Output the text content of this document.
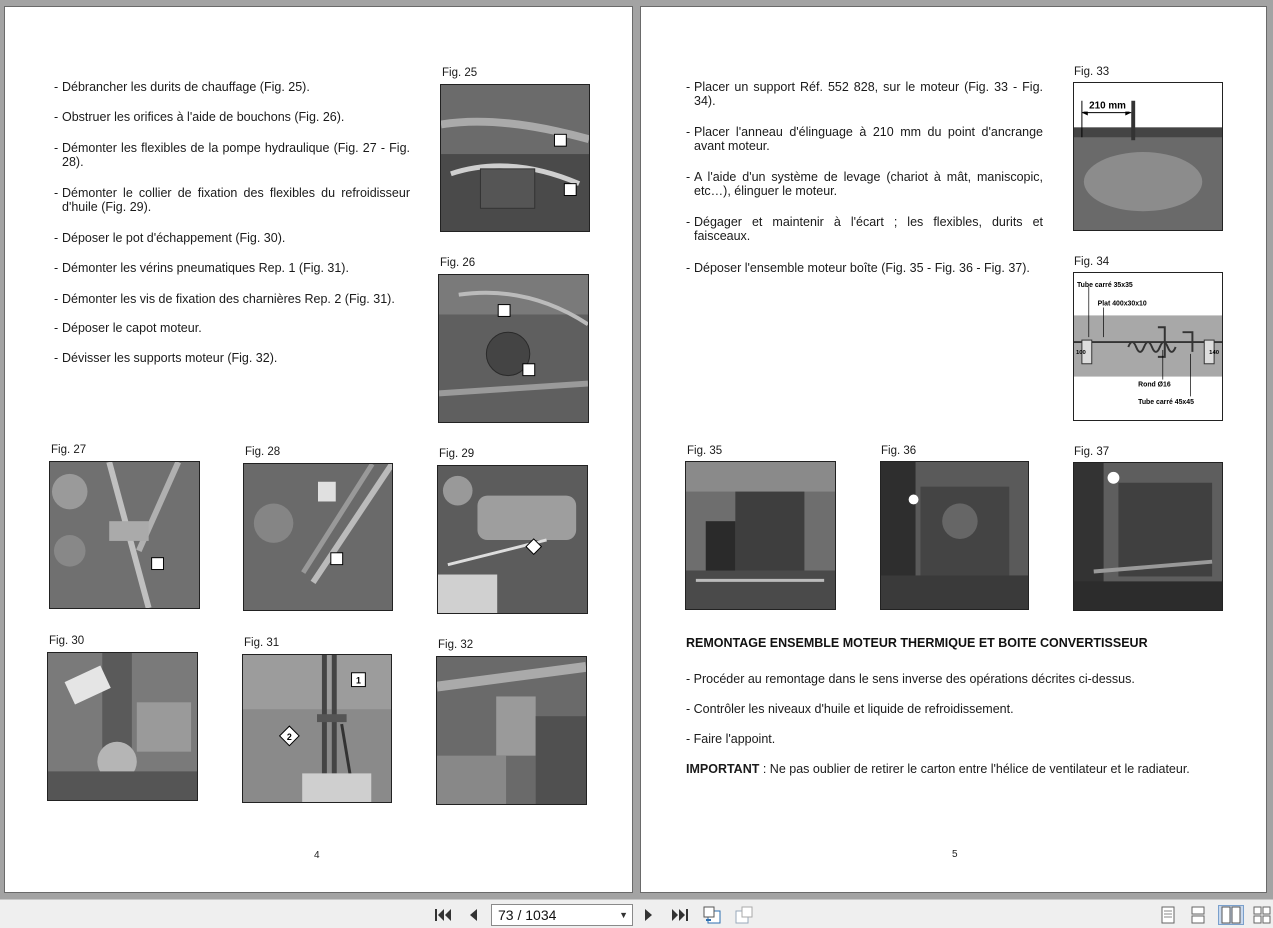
- Débrancher les durits de chauffage (Fig. 25).
- Obstruer les orifices à l'aide de bouchons (Fig. 26).
- Démonter les flexibles de la pompe hydraulique (Fig. 27 - Fig. 28).
- Démonter le collier de fixation des flexibles du refroidisseur d'huile (Fig. 29).
- Déposer le pot d'échappement (Fig. 30).
- Démonter les vérins pneumatiques Rep. 1 (Fig. 31).
- Démonter les vis de fixation des charnières Rep. 2 (Fig. 31).
- Déposer le capot moteur.
- Dévisser les supports moteur (Fig. 32).
Fig. 25
Fig. 26
Fig. 27	Fig. 28	Fig. 29
Fig. 30	Fig. 31
1
2
Fig. 32
4
- Placer un support Réf. 552 828, sur le moteur (Fig. 33 - Fig. 34).
- Placer l'anneau d'élinguage à 210 mm du point d'ancrange avant moteur.
- A l'aide d'un système de levage (chariot à mât, maniscopic, etc…), élinguer le moteur.
- Dégager et maintenir à l'écart ; les flexibles, durits et faisceaux.
- Déposer l'ensemble moteur boîte (Fig. 35 - Fig. 36 - Fig. 37).
Fig. 33
210 mm
Fig. 34
Tube carré 35x35
Plat 400x30x10
100	140
Rond Ø16
Tube carré 45x45
Fig. 35	Fig. 36	Fig. 37
REMONTAGE ENSEMBLE MOTEUR THERMIQUE ET BOITE CONVERTISSEUR
- Procéder au remontage dans le sens inverse des opérations décrites ci-dessus.
- Contrôler les niveaux d'huile et liquide de refroidissement.
- Faire l'appoint.
IMPORTANT : Ne pas oublier de retirer le carton entre l'hélice de ventilateur et le radiateur.
5
73 / 1034	▼
